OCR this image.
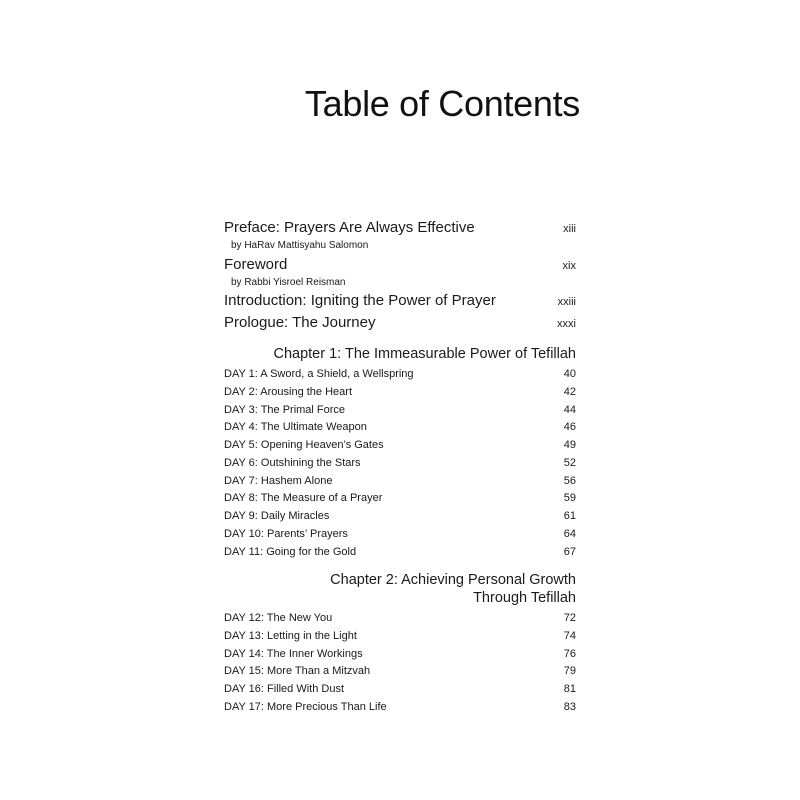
Table of Contents
Preface: Prayers Are Always Effective	xiii
by HaRav Mattisyahu Salomon
Foreword	xix
by Rabbi Yisroel Reisman
Introduction: Igniting the Power of Prayer	xxiii
Prologue: The Journey	xxxi
Chapter 1: The Immeasurable Power of Tefillah
DAY 1: A Sword, a Shield, a Wellspring	40
DAY 2: Arousing the Heart	42
DAY 3: The Primal Force	44
DAY 4: The Ultimate Weapon	46
DAY 5: Opening Heaven’s Gates	49
DAY 6: Outshining the Stars	52
DAY 7: Hashem Alone	56
DAY 8: The Measure of a Prayer	59
DAY 9: Daily Miracles	61
DAY 10: Parents’ Prayers	64
DAY 11: Going for the Gold	67
Chapter 2: Achieving Personal Growth
Through Tefillah
DAY 12: The New You	72
DAY 13: Letting in the Light	74
DAY 14: The Inner Workings	76
DAY 15: More Than a Mitzvah	79
DAY 16: Filled With Dust	81
DAY 17: More Precious Than Life	83
